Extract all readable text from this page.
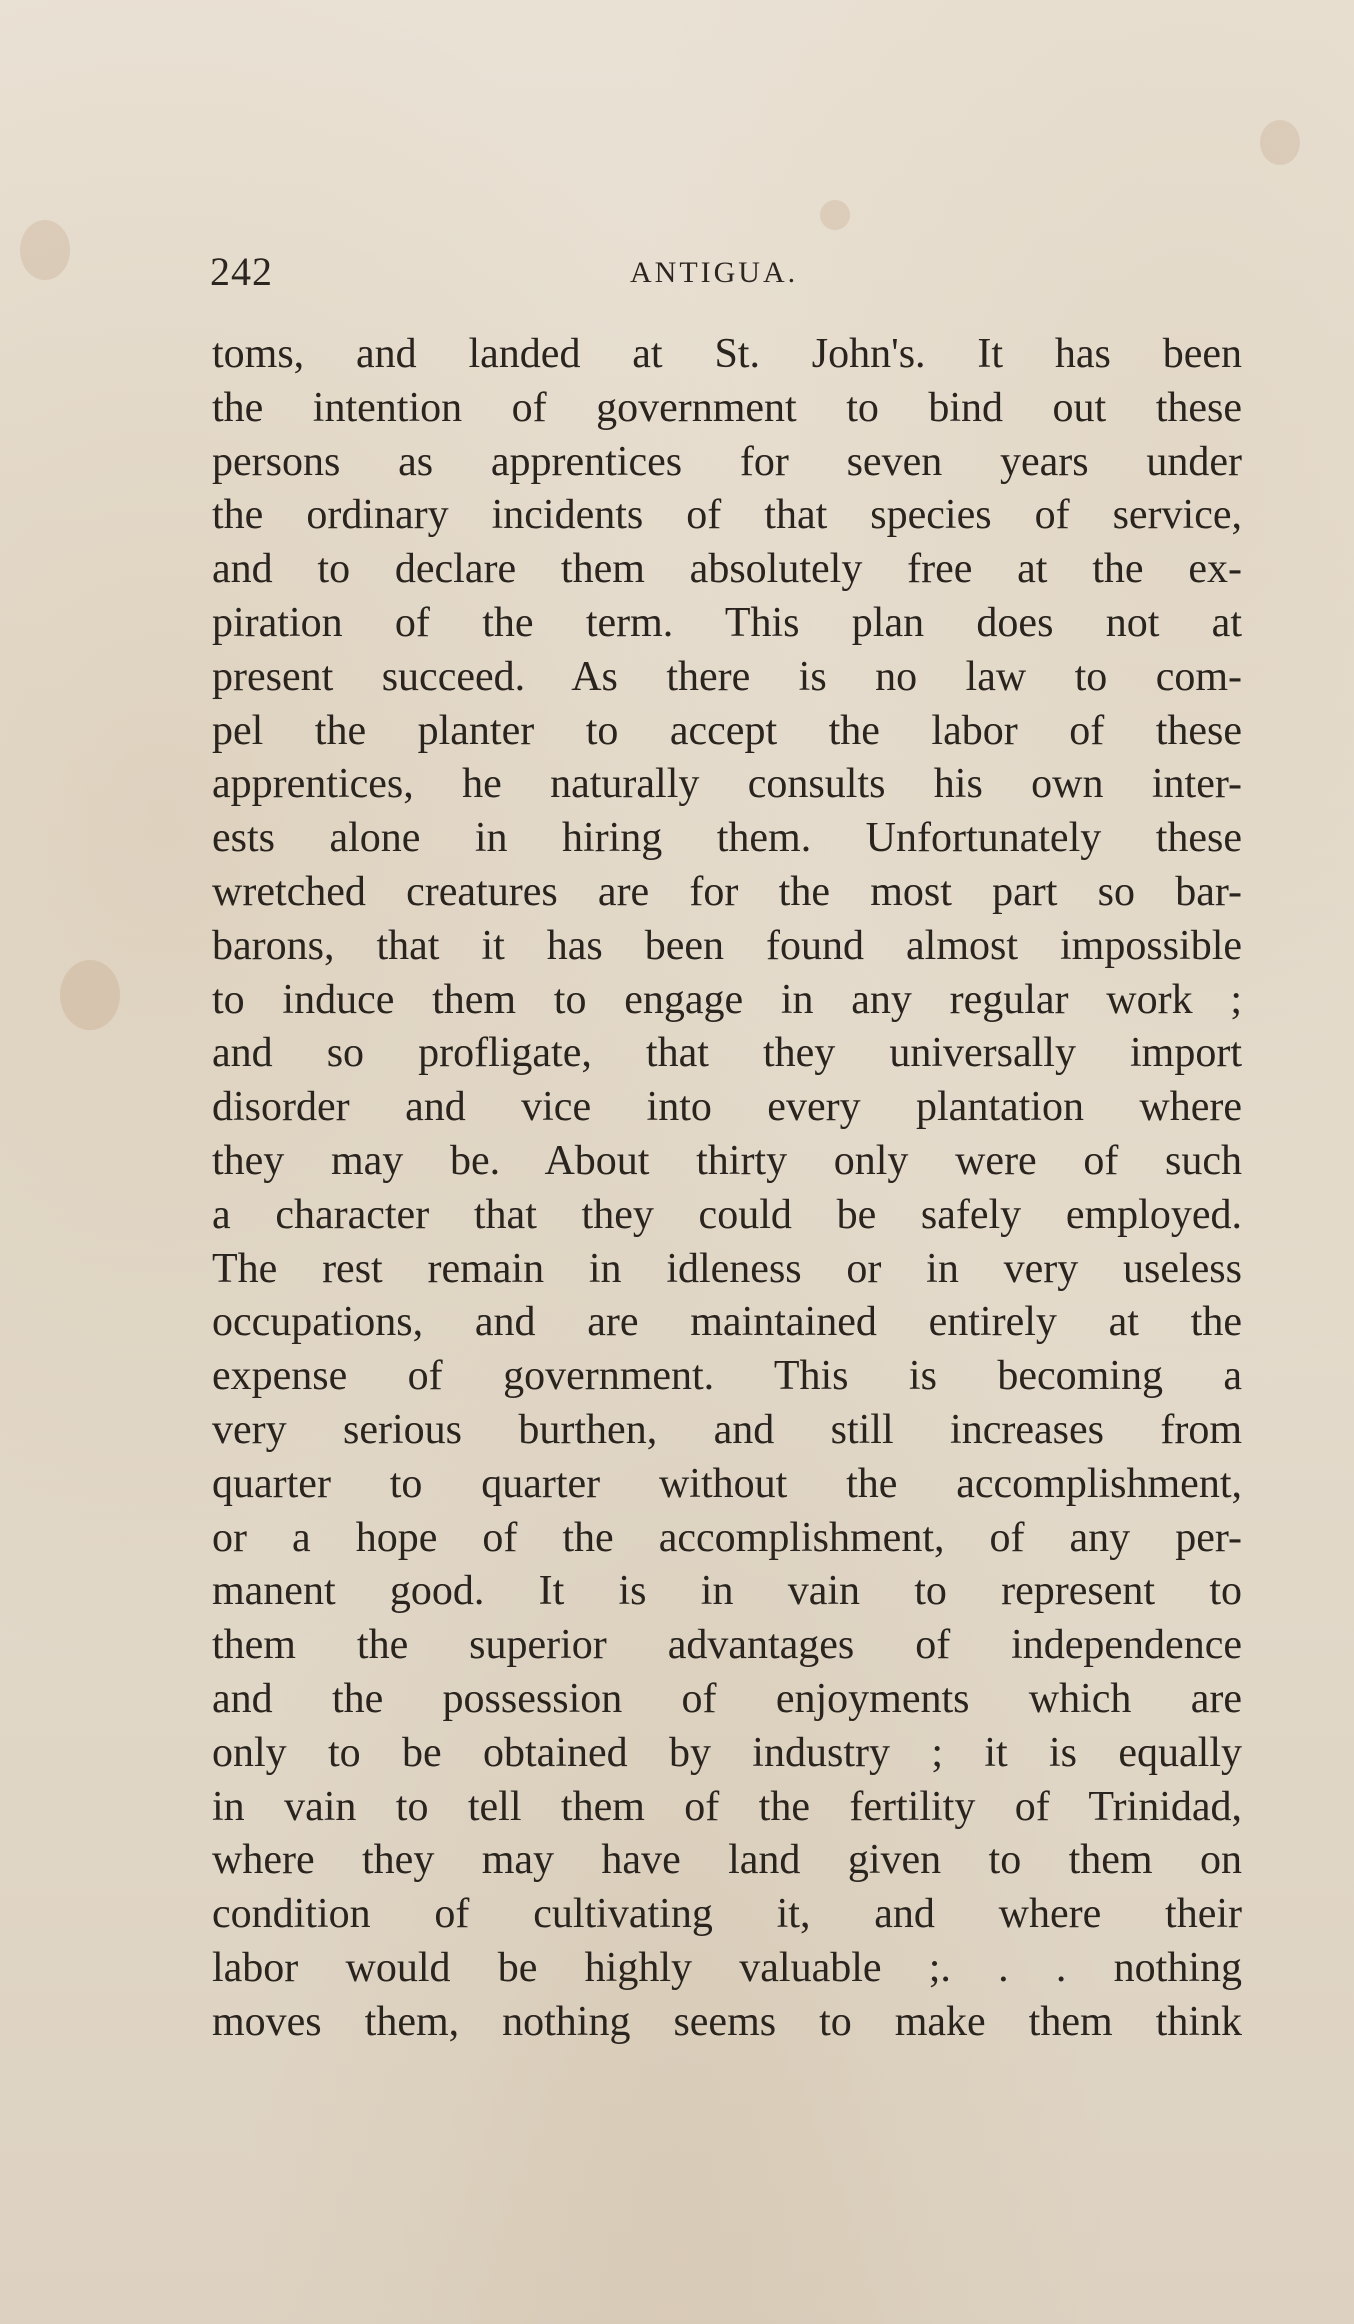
242	ANTIGUA.
toms, and landed at St. John's. It has been
the intention of government to bind out these
persons as apprentices for seven years under
the ordinary incidents of that species of service,
and to declare them absolutely free at the ex-
piration of the term. This plan does not at
present succeed. As there is no law to com-
pel the planter to accept the labor of these
apprentices, he naturally consults his own inter-
ests alone in hiring them. Unfortunately these
wretched creatures are for the most part so bar-
barons, that it has been found almost impossible
to induce them to engage in any regular work ;
and so profligate, that they universally import
disorder and vice into every plantation where
they may be. About thirty only were of such
a character that they could be safely employed.
The rest remain in idleness or in very useless
occupations, and are maintained entirely at the
expense of government. This is becoming a
very serious burthen, and still increases from
quarter to quarter without the accomplishment,
or a hope of the accomplishment, of any per-
manent good. It is in vain to represent to
them the superior advantages of independence
and the possession of enjoyments which are
only to be obtained by industry ; it is equally
in vain to tell them of the fertility of Trinidad,
where they may have land given to them on
condition of cultivating it, and where their
labor would be highly valuable ;. . . nothing
moves them, nothing seems to make them think
